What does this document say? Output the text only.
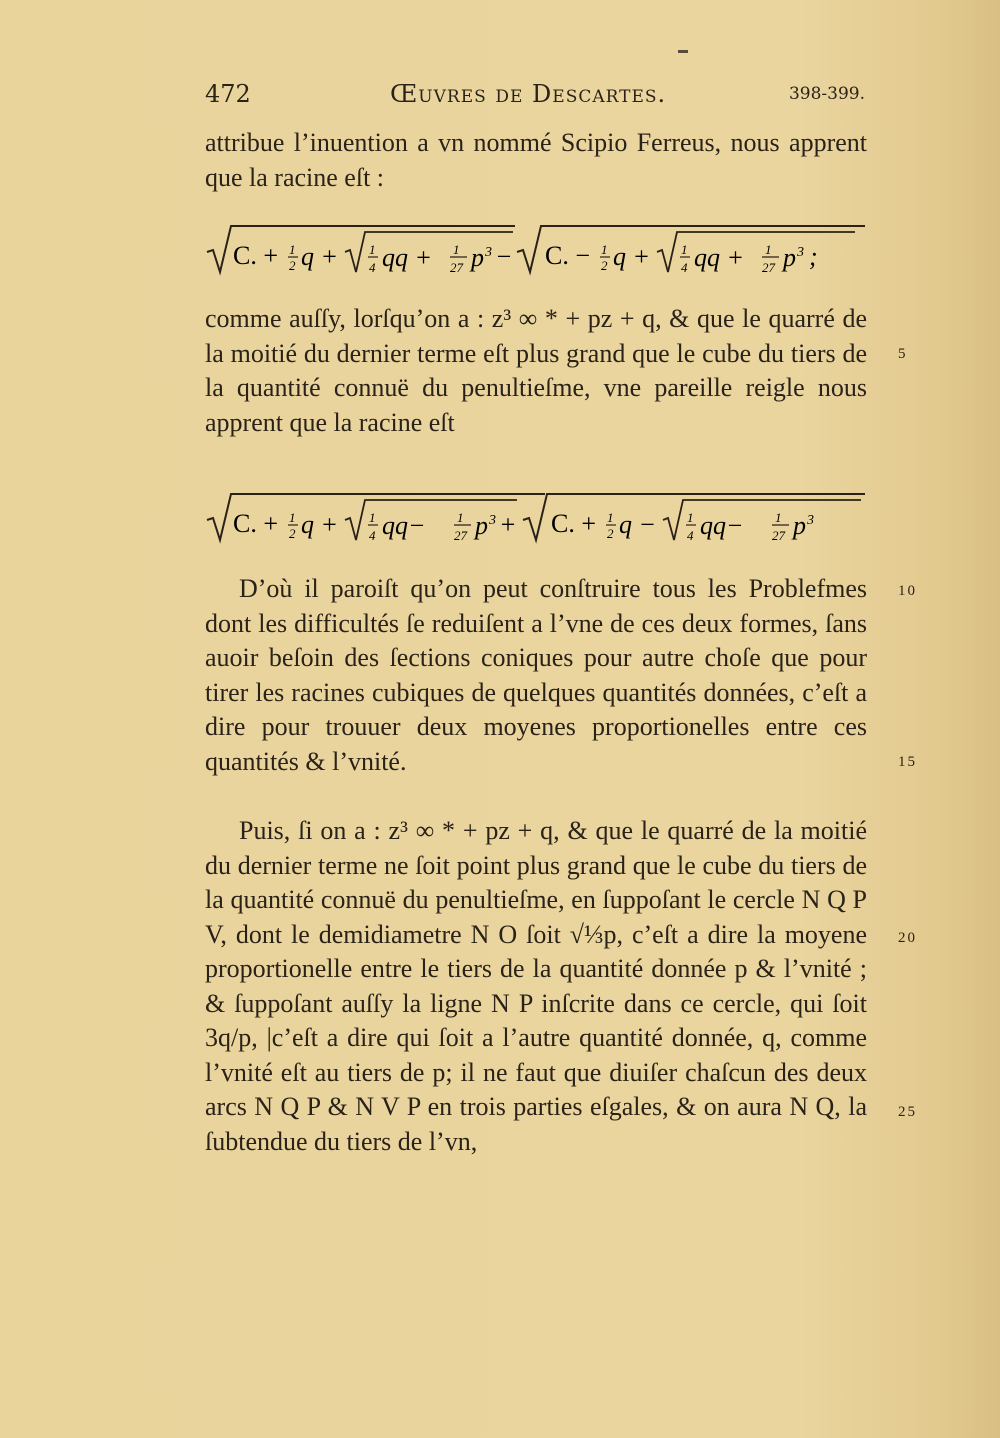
472	Œuvres de Descartes.	398-399.

attribue l’inuention a vn nommé Scipio Ferreus, nous apprent que la racine eſt :

C. + 1
2 q + 1
4 qq + 1
27 p 3 − C. − 1
2 q + 1
4 qq + 1
27 p 3 ;

comme auſſy, lorſqu’on a : z³ ∞ * + pz + q, & que le quarré de la moitié du dernier terme eſt plus grand que le cube du tiers de la quantité connuë du penultieſme, vne pareille reigle nous apprent que la racine eſt

C. + 1
2 q + 1
4 qq− 1
27 p 3 + C. + 1
2 q − 1
4 qq− 1
27 p 3

D’où il paroiſt qu’on peut conſtruire tous les Problefmes dont les difficultés ſe reduiſent a l’vne de ces deux formes, ſans auoir beſoin des ſections coniques pour autre choſe que pour tirer les racines cubiques de quelques quantités données, c’eſt a dire pour trouuer deux moyenes proportionelles entre ces quantités & l’vnité.

Puis, ſi on a : z³ ∞ * + pz + q, & que le quarré de la moitié du dernier terme ne ſoit point plus grand que le cube du tiers de la quantité connuë du penultieſme, en ſuppoſant le cercle N Q P V, dont le demidiametre N O ſoit √⅓p, c’eſt a dire la moyene proportionelle entre le tiers de la quantité donnée p & l’vnité ; & ſuppoſant auſſy la ligne N P inſcrite dans ce cercle, qui ſoit 3q/p, |c’eſt a dire qui ſoit a l’autre quantité donnée, q, comme l’vnité eſt au tiers de p; il ne faut que diuiſer chaſcun des deux arcs N Q P & N V P en trois parties eſgales, & on aura N Q, la ſubtendue du tiers de l’vn,

5
10
15
20
25
